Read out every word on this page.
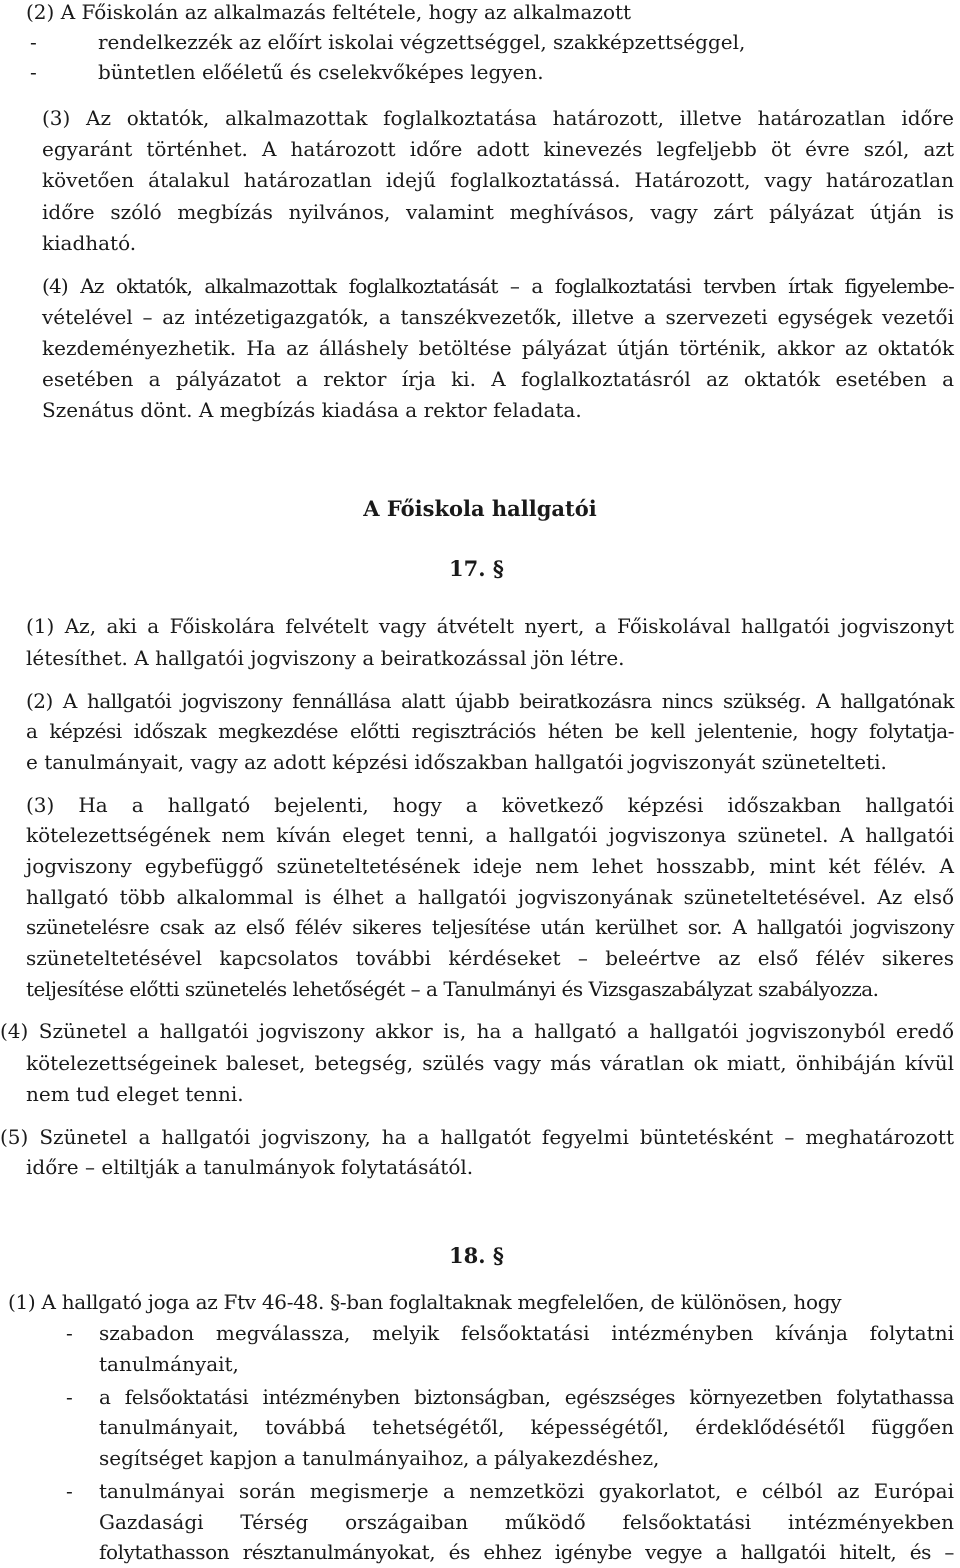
(2) A Főiskolán az alkalmazás feltétele, hogy az alkalmazott

-	rendelkezzék az előírt iskolai végzettséggel, szakképzettséggel,

-	büntetlen előéletű és cselekvőképes legyen.

(3) Az oktatók, alkalmazottak foglalkoztatása határozott, illetve határozatlan időre

egyaránt történhet. A határozott időre adott kinevezés legfeljebb öt évre szól, azt

követően átalakul határozatlan idejű foglalkoztatássá. Határozott, vagy határozatlan

időre szóló megbízás nyilvános, valamint meghívásos, vagy zárt pályázat útján is

kiadható.

(4) Az oktatók, alkalmazottak foglalkoztatását – a foglalkoztatási tervben írtak figyelembe-

vételével – az intézetigazgatók, a tanszékvezetők, illetve a szervezeti egységek vezetői

kezdeményezhetik. Ha az álláshely betöltése pályázat útján történik, akkor az oktatók

esetében a pályázatot a rektor írja ki. A foglalkoztatásról az oktatók esetében a

Szenátus dönt. A megbízás kiadása a rektor feladata.

A Főiskola hallgatói

17. §

(1) Az, aki a Főiskolára felvételt vagy átvételt nyert, a Főiskolával hallgatói jogviszonyt

létesíthet. A hallgatói jogviszony a beiratkozással jön létre.

(2) A hallgatói jogviszony fennállása alatt újabb beiratkozásra nincs szükség. A hallgatónak

a képzési időszak megkezdése előtti regisztrációs héten be kell jelentenie, hogy folytatja-

e tanulmányait, vagy az adott képzési időszakban hallgatói jogviszonyát szünetelteti.

(3) Ha a hallgató bejelenti, hogy a következő képzési időszakban hallgatói

kötelezettségének nem kíván eleget tenni, a hallgatói jogviszonya szünetel. A hallgatói

jogviszony egybefüggő szüneteltetésének ideje nem lehet hosszabb, mint két félév. A

hallgató több alkalommal is élhet a hallgatói jogviszonyának szüneteltetésével. Az első

szünetelésre csak az első félév sikeres teljesítése után kerülhet sor. A hallgatói jogviszony

szüneteltetésével kapcsolatos további kérdéseket – beleértve az első félév sikeres

teljesítése előtti szünetelés lehetőségét – a Tanulmányi és Vizsgaszabályzat szabályozza.

(4) Szünetel a hallgatói jogviszony akkor is, ha a hallgató a hallgatói jogviszonyból eredő

kötelezettségeinek baleset, betegség, szülés vagy más váratlan ok miatt, önhibáján kívül

nem tud eleget tenni.

(5) Szünetel a hallgatói jogviszony, ha a hallgatót fegyelmi büntetésként – meghatározott

időre – eltiltják a tanulmányok folytatásától.

18. §

(1) A hallgató joga az Ftv 46-48. §-ban foglaltaknak megfelelően, de különösen, hogy

- szabadon megválassza, melyik felsőoktatási intézményben kívánja folytatni

tanulmányait,

- a felsőoktatási intézményben biztonságban, egészséges környezetben folytathassa

tanulmányait, továbbá tehetségétől, képességétől, érdeklődésétől függően

segítséget kapjon a tanulmányaihoz, a pályakezdéshez,

- tanulmányai során megismerje a nemzetközi gyakorlatot, e célból az Európai

Gazdasági Térség országaiban működő felsőoktatási intézményekben

folytathasson résztanulmányokat, és ehhez igénybe vegye a hallgatói hitelt, és –
